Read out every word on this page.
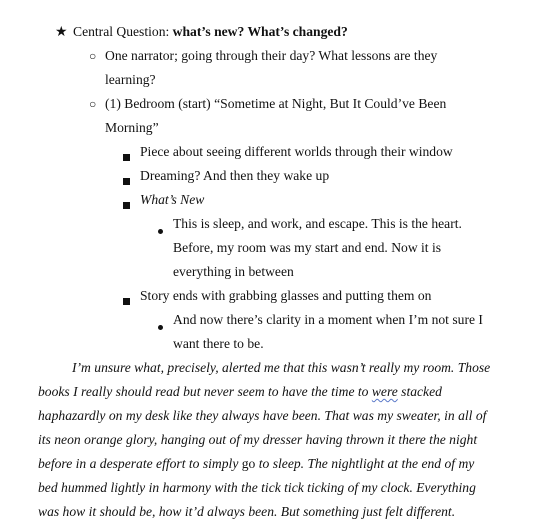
★ Central Question: what’s new? What’s changed?
○ One narrator; going through their day? What lessons are they
learning?
○ (1) Bedroom (start) “Sometime at Night, But It Could’ve Been
Morning”
Piece about seeing different worlds through their window
Dreaming? And then they wake up
What’s New
This is sleep, and work, and escape. This is the heart.
Before, my room was my start and end. Now it is
everything in between
Story ends with grabbing glasses and putting them on
And now there’s clarity in a moment when I’m not sure I
want there to be.
I’m unsure what, precisely, alerted me that this wasn’t really my room. Those
books I really should read but never seem to have the time to were stacked
haphazardly on my desk like they always have been. That was my sweater, in all of
its neon orange glory, hanging out of my dresser having thrown it there the night
before in a desperate effort to simply go to sleep. The nightlight at the end of my
bed hummed lightly in harmony with the tick tick ticking of my clock. Everything
was how it should be, how it’d always been. But something just felt different.
